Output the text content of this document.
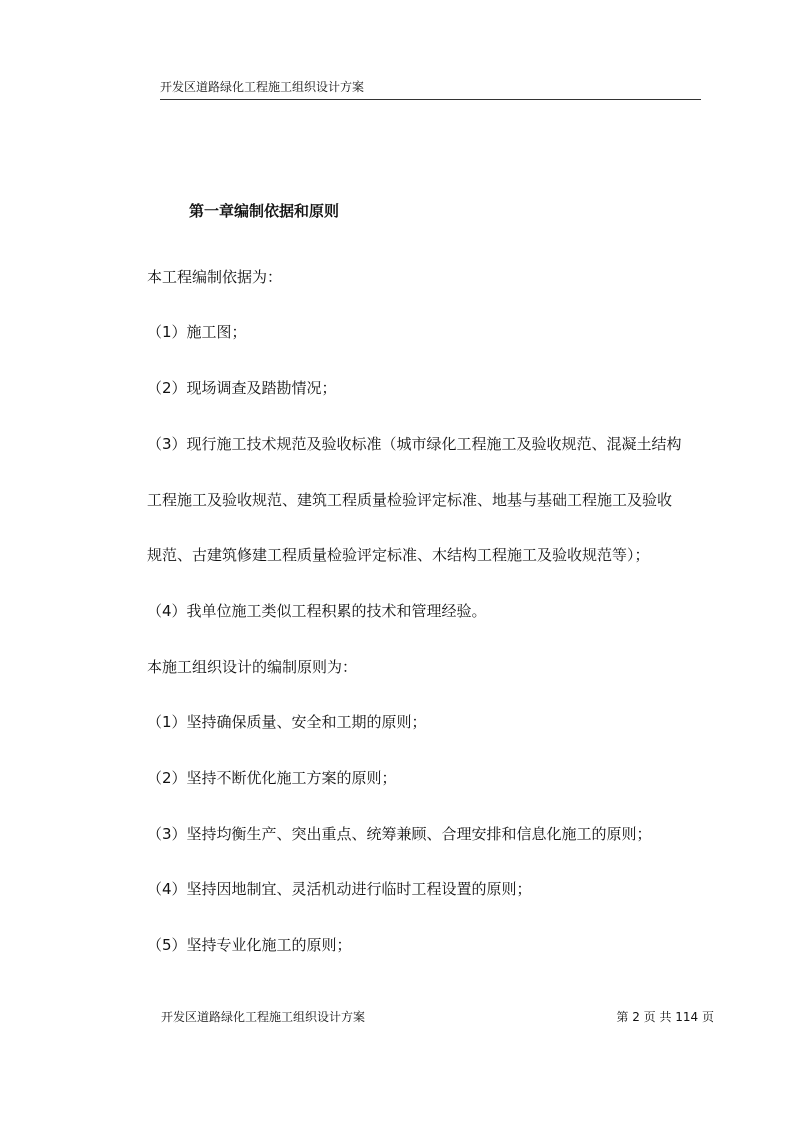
开发区道路绿化工程施工组织设计方案
第一章编制依据和原则
本工程编制依据为：
（1）施工图；
（2）现场调查及踏勘情况；
（3）现行施工技术规范及验收标准（城市绿化工程施工及验收规范、混凝土结构
工程施工及验收规范、建筑工程质量检验评定标准、地基与基础工程施工及验收
规范、古建筑修建工程质量检验评定标准、木结构工程施工及验收规范等）；
（4）我单位施工类似工程积累的技术和管理经验。
本施工组织设计的编制原则为：
（1）坚持确保质量、安全和工期的原则；
（2）坚持不断优化施工方案的原则；
（3）坚持均衡生产、突出重点、统筹兼顾、合理安排和信息化施工的原则；
（4）坚持因地制宜、灵活机动进行临时工程设置的原则；
（5）坚持专业化施工的原则；
开发区道路绿化工程施工组织设计方案	第 2 页 共 114 页
